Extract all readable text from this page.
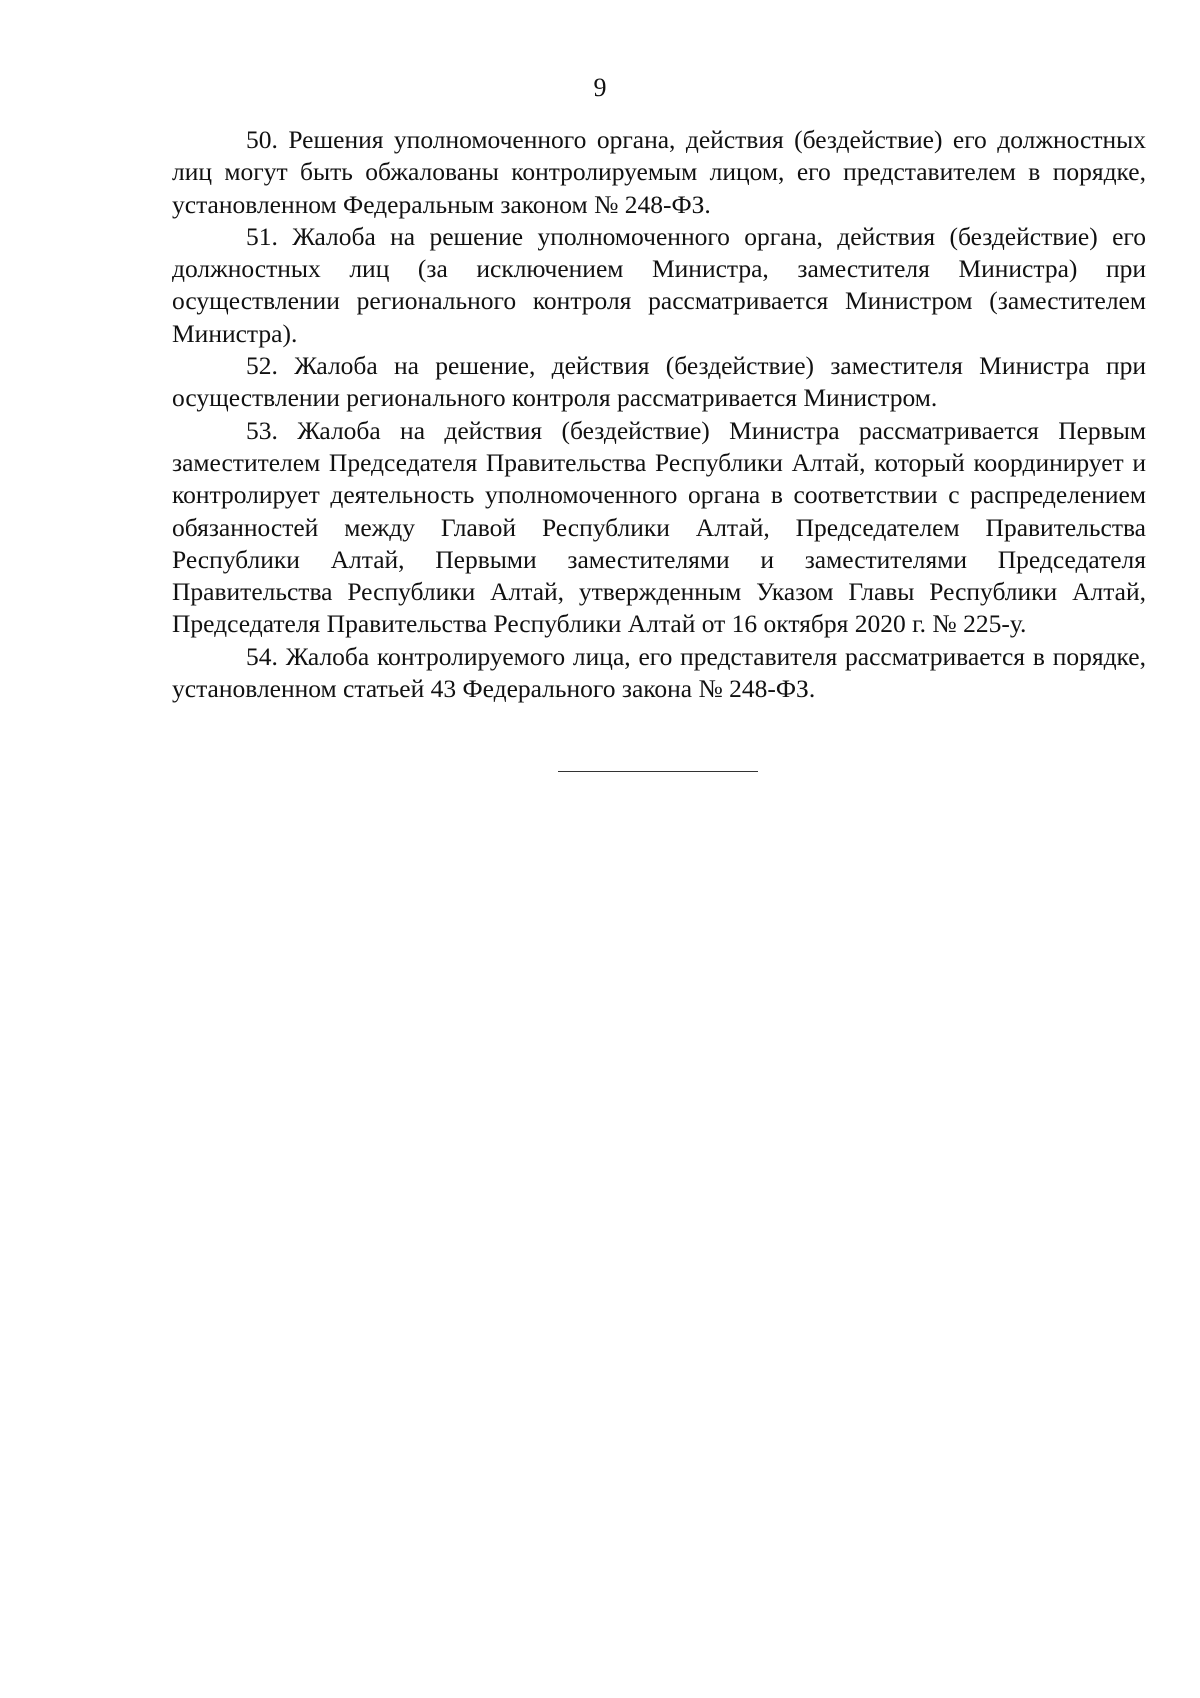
9

50. Решения уполномоченного органа, действия (бездействие) его должностных лиц могут быть обжалованы контролируемым лицом, его представителем в порядке, установленном Федеральным законом № 248-ФЗ.

51. Жалоба на решение уполномоченного органа, действия (бездействие) его должностных лиц (за исключением Министра, заместителя Министра) при осуществлении регионального контроля рассматривается Министром (заместителем Министра).

52. Жалоба на решение, действия (бездействие) заместителя Министра при осуществлении регионального контроля рассматривается Министром.

53. Жалоба на действия (бездействие) Министра рассматривается Первым заместителем Председателя Правительства Республики Алтай, который координирует и контролирует деятельность уполномоченного органа в соответствии с распределением обязанностей между Главой Республики Алтай, Председателем Правительства Республики Алтай, Первыми заместителями и заместителями Председателя Правительства Республики Алтай, утвержденным Указом Главы Республики Алтай, Председателя Правительства Республики Алтай от 16 октября 2020 г. № 225-у.

54. Жалоба контролируемого лица, его представителя рассматривается в порядке, установленном статьей 43 Федерального закона № 248-ФЗ.
